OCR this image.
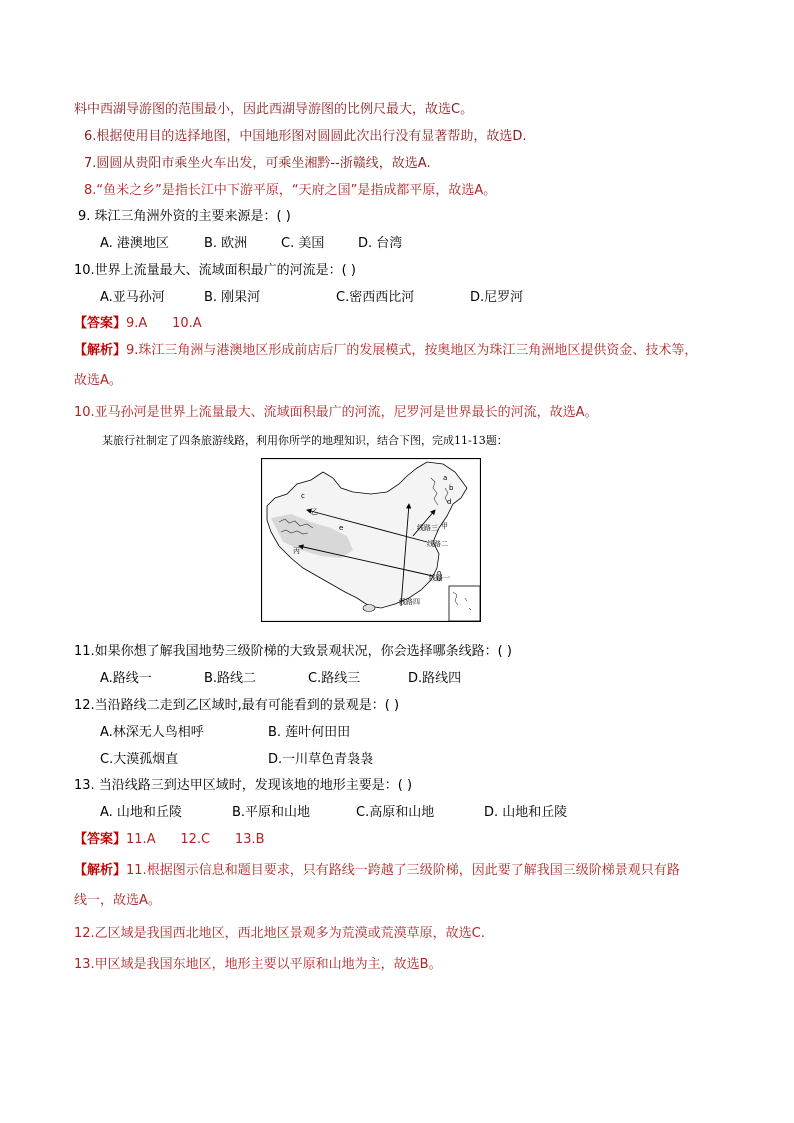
料中西湖导游图的范围最小，因此西湖导游图的比例尺最大，故选C。
6.根据使用目的选择地图，中国地形图对圆圆此次出行没有显著帮助，故选D.
7.圆圆从贵阳市乘坐火车出发，可乘坐湘黔--浙赣线，故选A.
8.“鱼米之乡”是指长江中下游平原，“天府之国”是指成都平原，故选A。
9. 珠江三角洲外资的主要来源是：( )
A. 港澳地区	B. 欧洲	C. 美国	D. 台湾
10.世界上流量最大、流域面积最广的河流是：( )
A.亚马孙河	B. 刚果河	C.密西西比河	D.尼罗河
【答案】9.A      10.A
【解析】9.珠江三角洲与港澳地区形成前店后厂的发展模式，按奥地区为珠江三角洲地区提供资金、技术等，
故选A。
10.亚马孙河是世界上流量最大、流域面积最广的河流，尼罗河是世界最长的河流，故选A。
某旅行社制定了四条旅游线路，利用你所学的地理知识，结合下图，完成11-13题：
甲
乙
丙
线路一
线路二
线路三
线路四
a
b
c
d
e
11.如果你想了解我国地势三级阶梯的大致景观状况，你会选择哪条线路：( )
A.路线一	B.路线二	C.路线三	D.路线四
12.当沿路线二走到乙区域时,最有可能看到的景观是：( )
A.林深无人鸟相呼	B. 莲叶何田田
C.大漠孤烟直	D.一川草色青袅袅
13. 当沿线路三到达甲区域时，发现该地的地形主要是：( )
A. 山地和丘陵	B.平原和山地	C.高原和山地	D. 山地和丘陵
【答案】11.A      12.C      13.B
【解析】11.根据图示信息和题目要求，只有路线一跨越了三级阶梯，因此要了解我国三级阶梯景观只有路
线一，故选A。
12.乙区域是我国西北地区，西北地区景观多为荒漠或荒漠草原，故选C.
13.甲区域是我国东地区，地形主要以平原和山地为主，故选B。
